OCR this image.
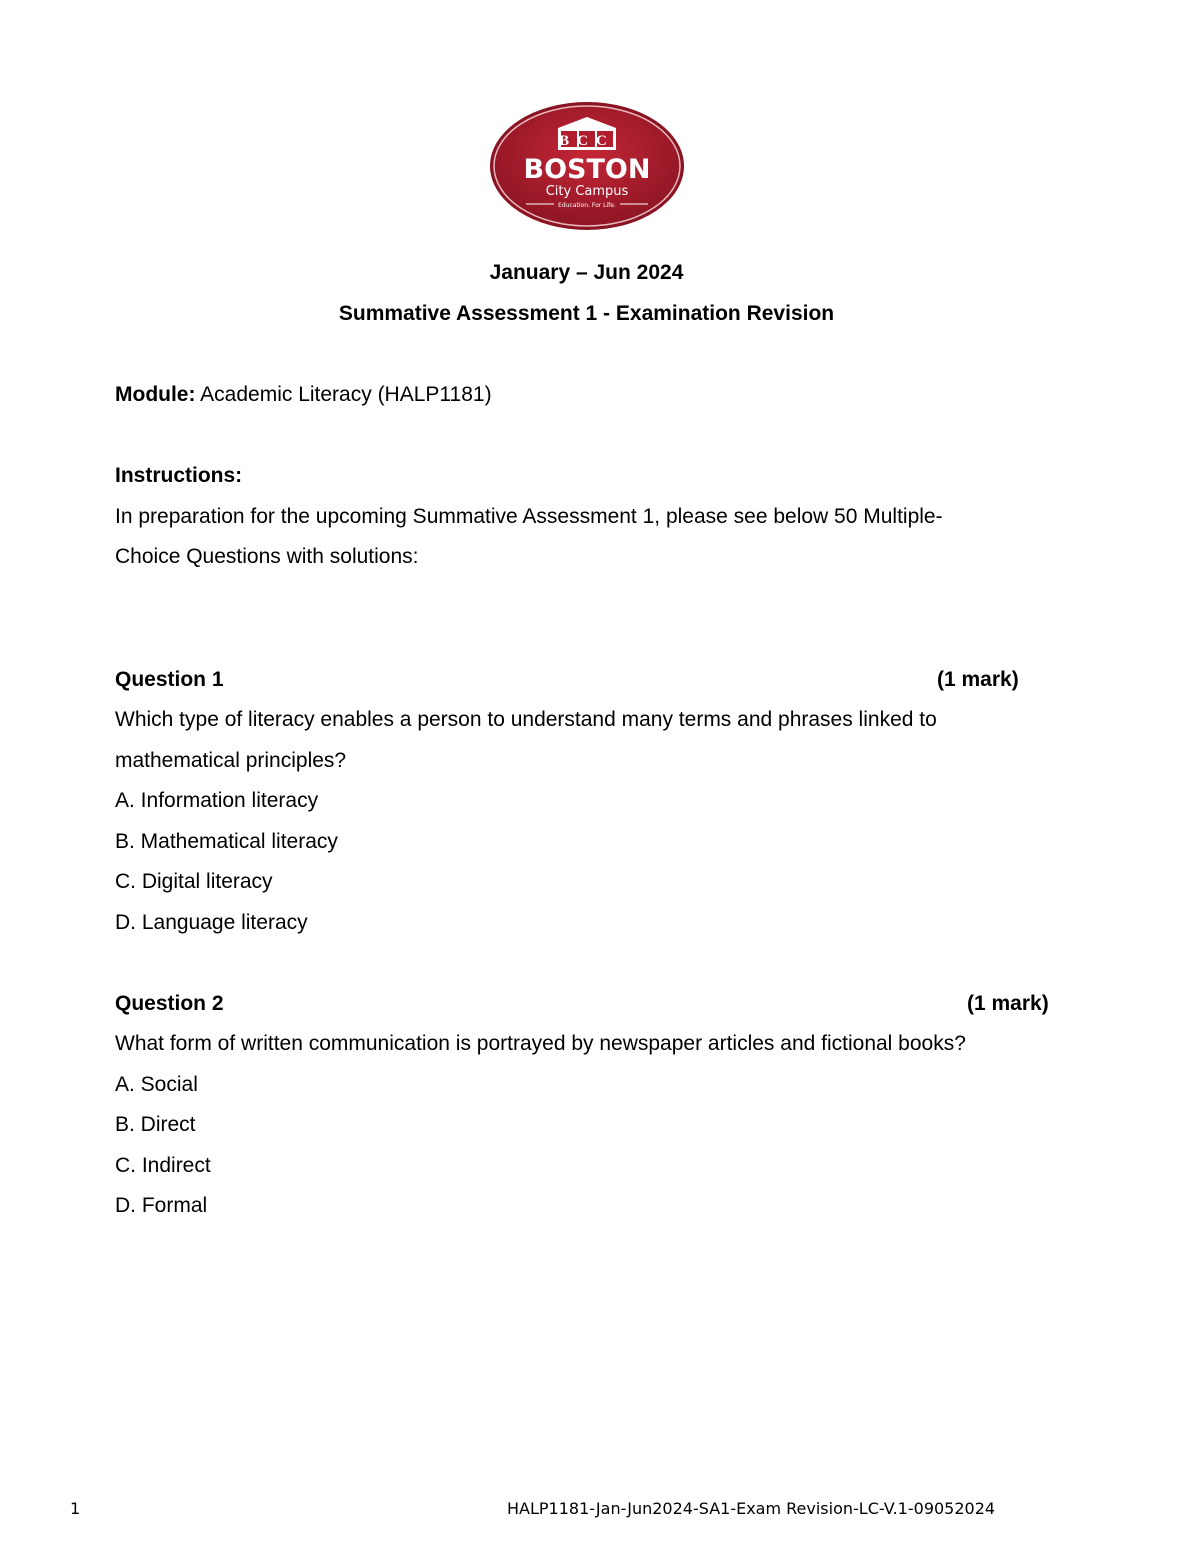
BCC
BOSTON
City Campus
Education. For Life.
January – Jun 2024
Summative Assessment 1 - Examination Revision
Module: Academic Literacy (HALP1181)
Instructions:
In preparation for the upcoming Summative Assessment 1, please see below 50 Multiple-
Choice Questions with solutions:
Question 1	(1 mark)
Which type of literacy enables a person to understand many terms and phrases linked to
mathematical principles?
A. Information literacy
B. Mathematical literacy
C. Digital literacy
D. Language literacy
Question 2	(1 mark)
What form of written communication is portrayed by newspaper articles and fictional books?
A. Social
B. Direct
C. Indirect
D. Formal
1	HALP1181-Jan-Jun2024-SA1-Exam Revision-LC-V.1-09052024
